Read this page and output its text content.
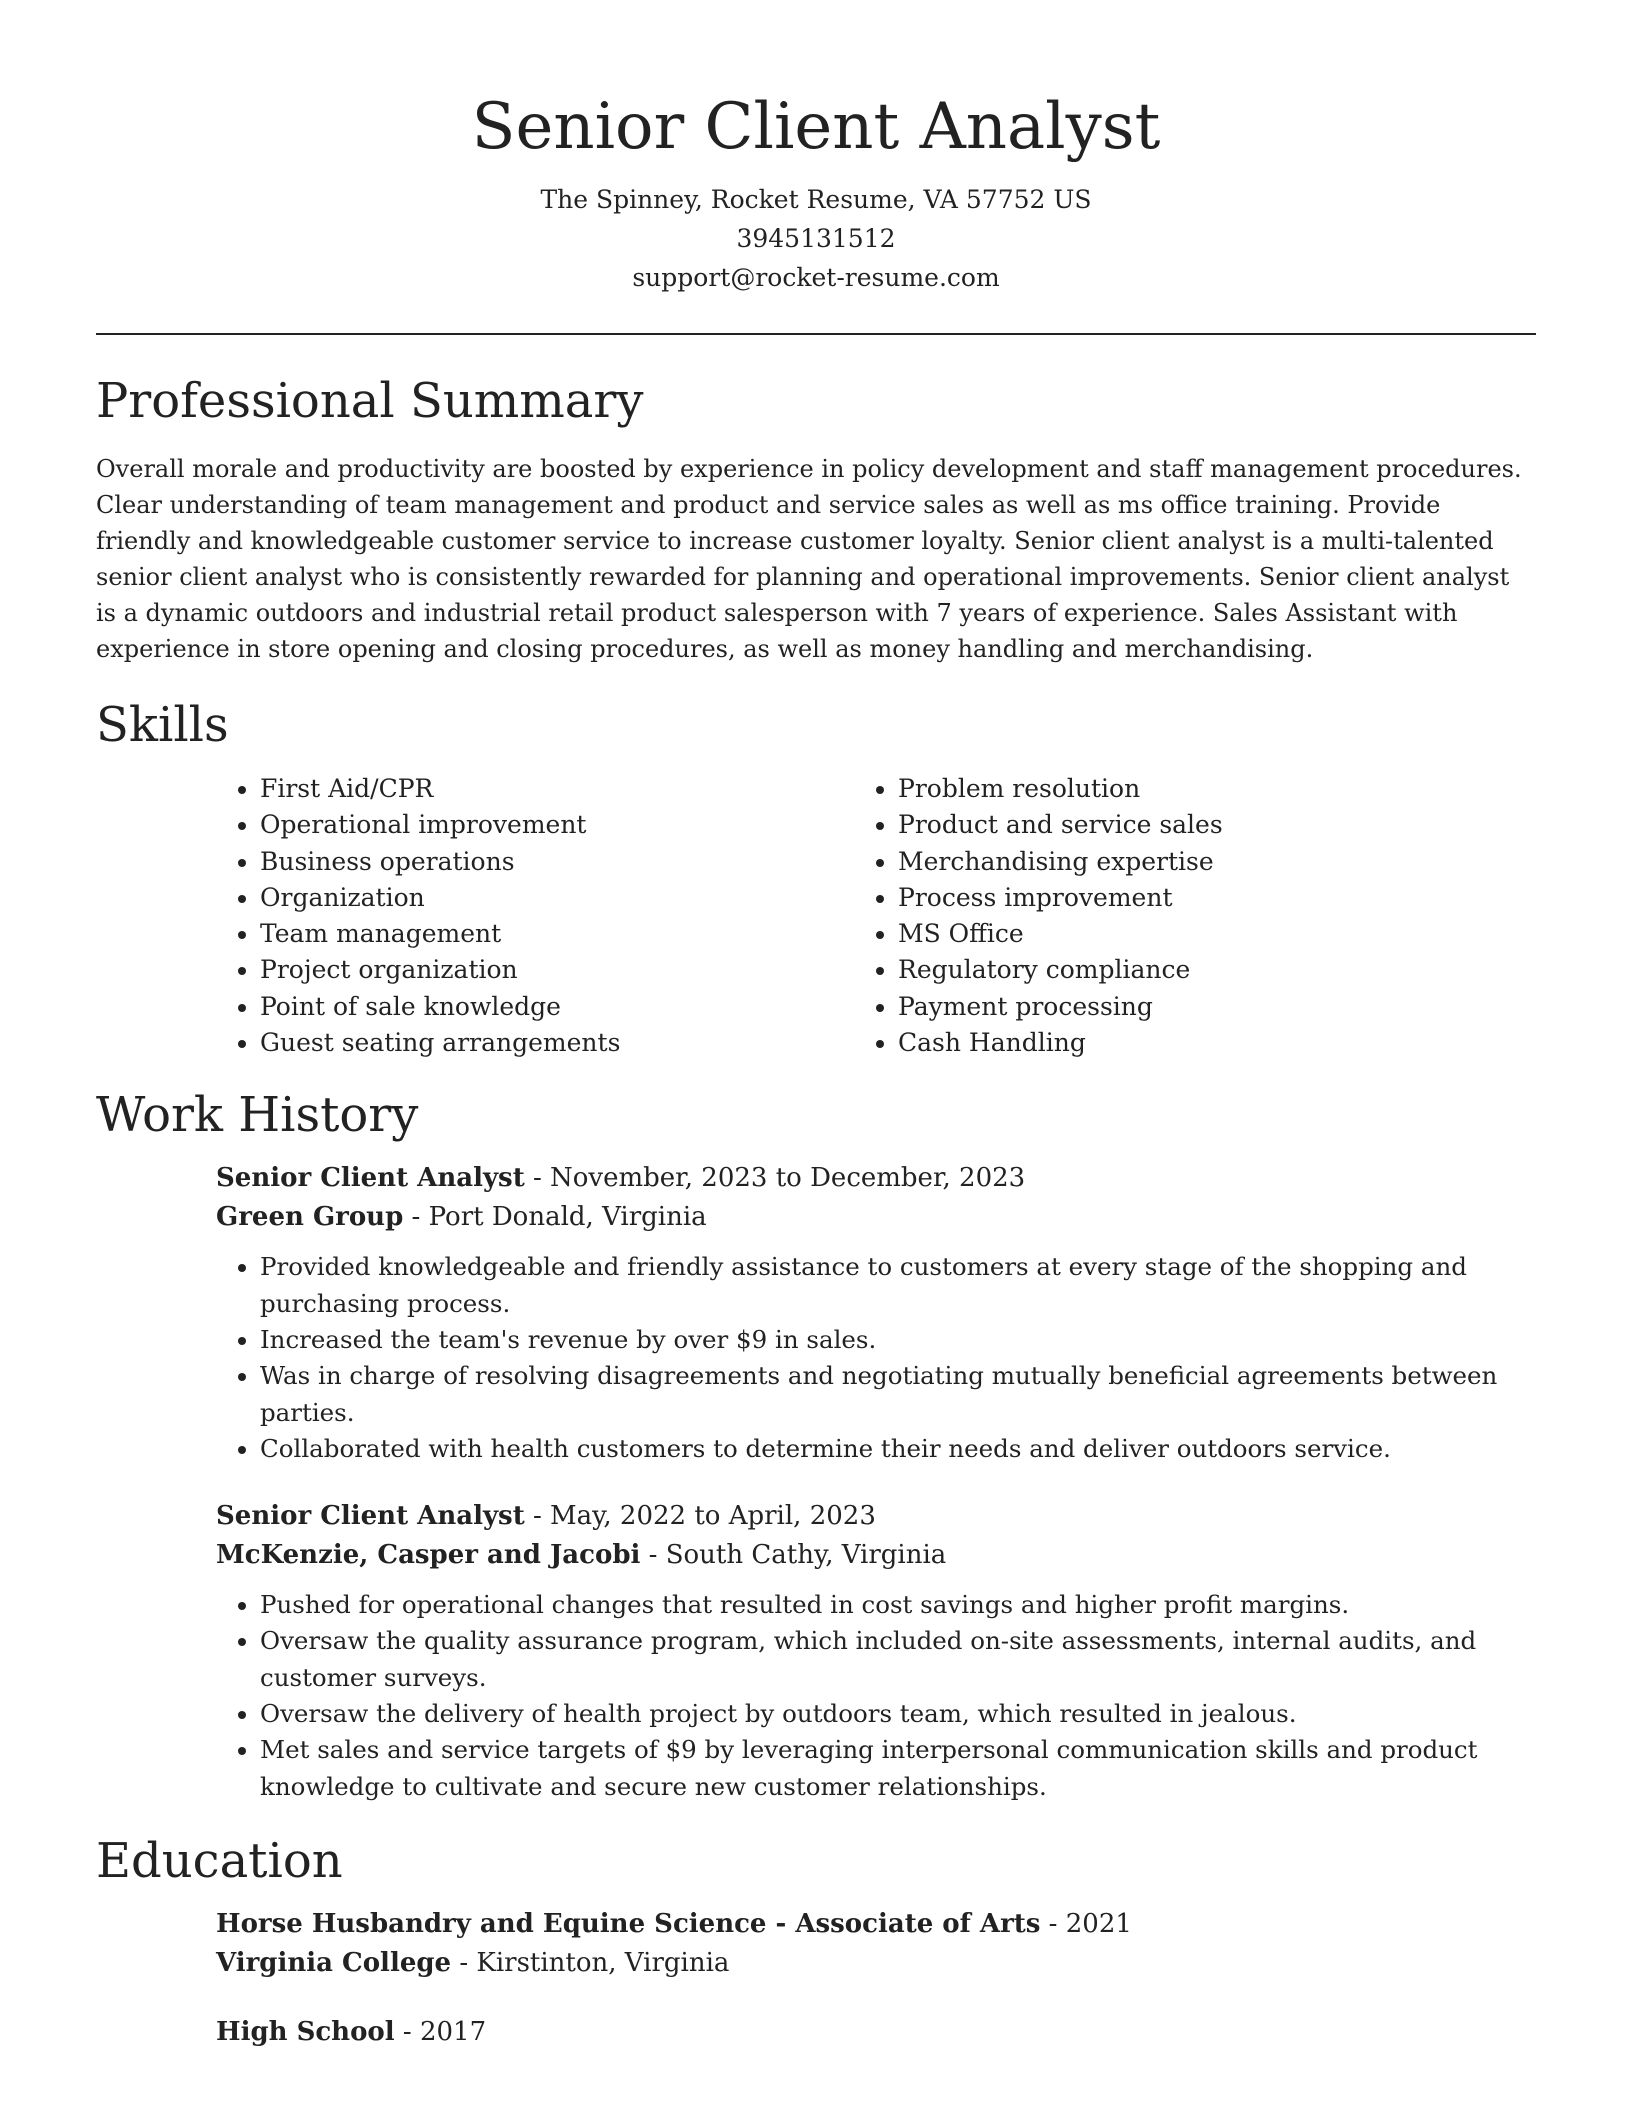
Senior Client Analyst
The Spinney, Rocket Resume, VA 57752 US
3945131512
support@rocket-resume.com
Professional Summary

Overall morale and productivity are boosted by experience in policy development and staff management procedures. Clear understanding of team management and product and service sales as well as ms office training. Provide friendly and knowledgeable customer service to increase customer loyalty. Senior client analyst is a multi-talented senior client analyst who is consistently rewarded for planning and operational improvements. Senior client analyst is a dynamic outdoors and industrial retail product salesperson with 7 years of experience. Sales Assistant with experience in store opening and closing procedures, as well as money handling and merchandising.

Skills
• First Aid/CPR
• Operational improvement
• Business operations
• Organization
• Team management
• Project organization
• Point of sale knowledge
• Guest seating arrangements
• Problem resolution
• Product and service sales
• Merchandising expertise
• Process improvement
• MS Office
• Regulatory compliance
• Payment processing
• Cash Handling
Work History
Senior Client Analyst - November, 2023 to December, 2023
Green Group - Port Donald, Virginia
• Provided knowledgeable and friendly assistance to customers at every stage of the shopping and purchasing process.
• Increased the team's revenue by over $9 in sales.
• Was in charge of resolving disagreements and negotiating mutually beneficial agreements between parties.
• Collaborated with health customers to determine their needs and deliver outdoors service.
Senior Client Analyst - May, 2022 to April, 2023
McKenzie, Casper and Jacobi - South Cathy, Virginia
• Pushed for operational changes that resulted in cost savings and higher profit margins.
• Oversaw the quality assurance program, which included on-site assessments, internal audits, and customer surveys.
• Oversaw the delivery of health project by outdoors team, which resulted in jealous.
• Met sales and service targets of $9 by leveraging interpersonal communication skills and product knowledge to cultivate and secure new customer relationships.
Education
Horse Husbandry and Equine Science - Associate of Arts - 2021
Virginia College - Kirstinton, Virginia
High School - 2017
